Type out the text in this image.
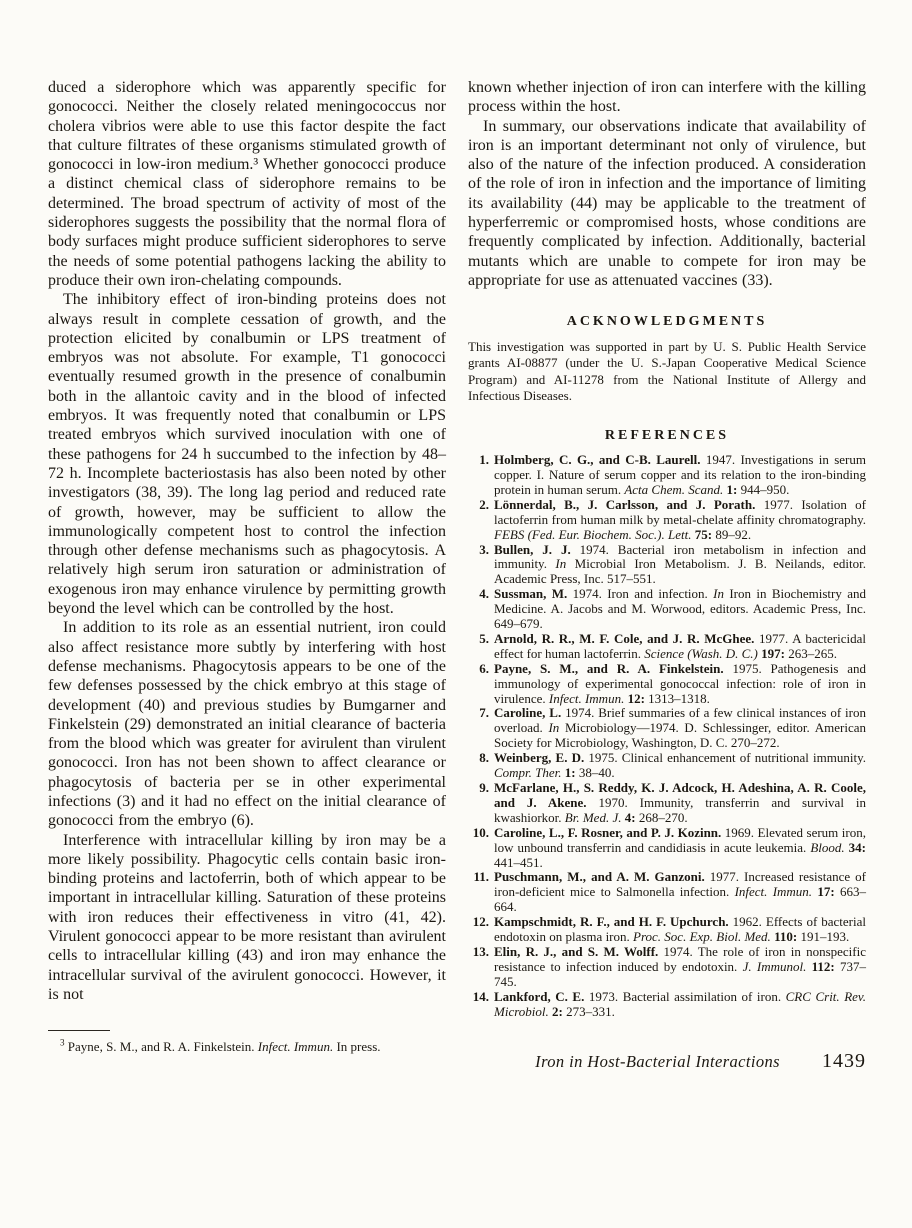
duced a siderophore which was apparently specific for gonococci. Neither the closely related meningococcus nor cholera vibrios were able to use this factor despite the fact that culture filtrates of these organisms stimulated growth of gonococci in low-iron medium.³ Whether gonococci produce a distinct chemical class of siderophore remains to be determined. The broad spectrum of activity of most of the siderophores suggests the possibility that the normal flora of body surfaces might produce sufficient siderophores to serve the needs of some potential pathogens lacking the ability to produce their own iron-chelating compounds.

The inhibitory effect of iron-binding proteins does not always result in complete cessation of growth, and the protection elicited by conalbumin or LPS treatment of embryos was not absolute. For example, T1 gonococci eventually resumed growth in the presence of conalbumin both in the allantoic cavity and in the blood of infected embryos. It was frequently noted that conalbumin or LPS treated embryos which survived inoculation with one of these pathogens for 24 h succumbed to the infection by 48–72 h. Incomplete bacteriostasis has also been noted by other investigators (38, 39). The long lag period and reduced rate of growth, however, may be sufficient to allow the immunologically competent host to control the infection through other defense mechanisms such as phagocytosis. A relatively high serum iron saturation or administration of exogenous iron may enhance virulence by permitting growth beyond the level which can be controlled by the host.

In addition to its role as an essential nutrient, iron could also affect resistance more subtly by interfering with host defense mechanisms. Phagocytosis appears to be one of the few defenses possessed by the chick embryo at this stage of development (40) and previous studies by Bumgarner and Finkelstein (29) demonstrated an initial clearance of bacteria from the blood which was greater for avirulent than virulent gonococci. Iron has not been shown to affect clearance or phagocytosis of bacteria per se in other experimental infections (3) and it had no effect on the initial clearance of gonococci from the embryo (6).

Interference with intracellular killing by iron may be a more likely possibility. Phagocytic cells contain basic iron-binding proteins and lactoferrin, both of which appear to be important in intracellular killing. Saturation of these proteins with iron reduces their effectiveness in vitro (41, 42). Virulent gonococci appear to be more resistant than avirulent cells to intracellular killing (43) and iron may enhance the intracellular survival of the avirulent gonococci. However, it is not

$^3$ Payne, S. M., and R. A. Finkelstein. Infect. Immun. In press.

known whether injection of iron can interfere with the killing process within the host.

In summary, our observations indicate that availability of iron is an important determinant not only of virulence, but also of the nature of the infection produced. A consideration of the role of iron in infection and the importance of limiting its availability (44) may be applicable to the treatment of hyperferremic or compromised hosts, whose conditions are frequently complicated by infection. Additionally, bacterial mutants which are unable to compete for iron may be appropriate for use as attenuated vaccines (33).

ACKNOWLEDGMENTS

This investigation was supported in part by U. S. Public Health Service grants AI-08877 (under the U. S.-Japan Cooperative Medical Science Program) and AI-11278 from the National Institute of Allergy and Infectious Diseases.

REFERENCES

1. Holmberg, C. G., and C-B. Laurell. 1947. Investigations in serum copper. I. Nature of serum copper and its relation to the iron-binding protein in human serum. Acta Chem. Scand. 1: 944–950.

2. Lönnerdal, B., J. Carlsson, and J. Porath. 1977. Isolation of lactoferrin from human milk by metal-chelate affinity chromatography. FEBS (Fed. Eur. Biochem. Soc.). Lett. 75: 89–92.

3. Bullen, J. J. 1974. Bacterial iron metabolism in infection and immunity. In Microbial Iron Metabolism. J. B. Neilands, editor. Academic Press, Inc. 517–551.

4. Sussman, M. 1974. Iron and infection. In Iron in Biochemistry and Medicine. A. Jacobs and M. Worwood, editors. Academic Press, Inc. 649–679.

5. Arnold, R. R., M. F. Cole, and J. R. McGhee. 1977. A bactericidal effect for human lactoferrin. Science (Wash. D. C.) 197: 263–265.

6. Payne, S. M., and R. A. Finkelstein. 1975. Pathogenesis and immunology of experimental gonococcal infection: role of iron in virulence. Infect. Immun. 12: 1313–1318.

7. Caroline, L. 1974. Brief summaries of a few clinical instances of iron overload. In Microbiology—1974. D. Schlessinger, editor. American Society for Microbiology, Washington, D. C. 270–272.

8. Weinberg, E. D. 1975. Clinical enhancement of nutritional immunity. Compr. Ther. 1: 38–40.

9. McFarlane, H., S. Reddy, K. J. Adcock, H. Adeshina, A. R. Coole, and J. Akene. 1970. Immunity, transferrin and survival in kwashiorkor. Br. Med. J. 4: 268–270.

10. Caroline, L., F. Rosner, and P. J. Kozinn. 1969. Elevated serum iron, low unbound transferrin and candidiasis in acute leukemia. Blood. 34: 441–451.

11. Puschmann, M., and A. M. Ganzoni. 1977. Increased resistance of iron-deficient mice to Salmonella infection. Infect. Immun. 17: 663–664.

12. Kampschmidt, R. F., and H. F. Upchurch. 1962. Effects of bacterial endotoxin on plasma iron. Proc. Soc. Exp. Biol. Med. 110: 191–193.

13. Elin, R. J., and S. M. Wolff. 1974. The role of iron in nonspecific resistance to infection induced by endotoxin. J. Immunol. 112: 737–745.

14. Lankford, C. E. 1973. Bacterial assimilation of iron. CRC Crit. Rev. Microbiol. 2: 273–331.

Iron in Host-Bacterial Interactions 1439
